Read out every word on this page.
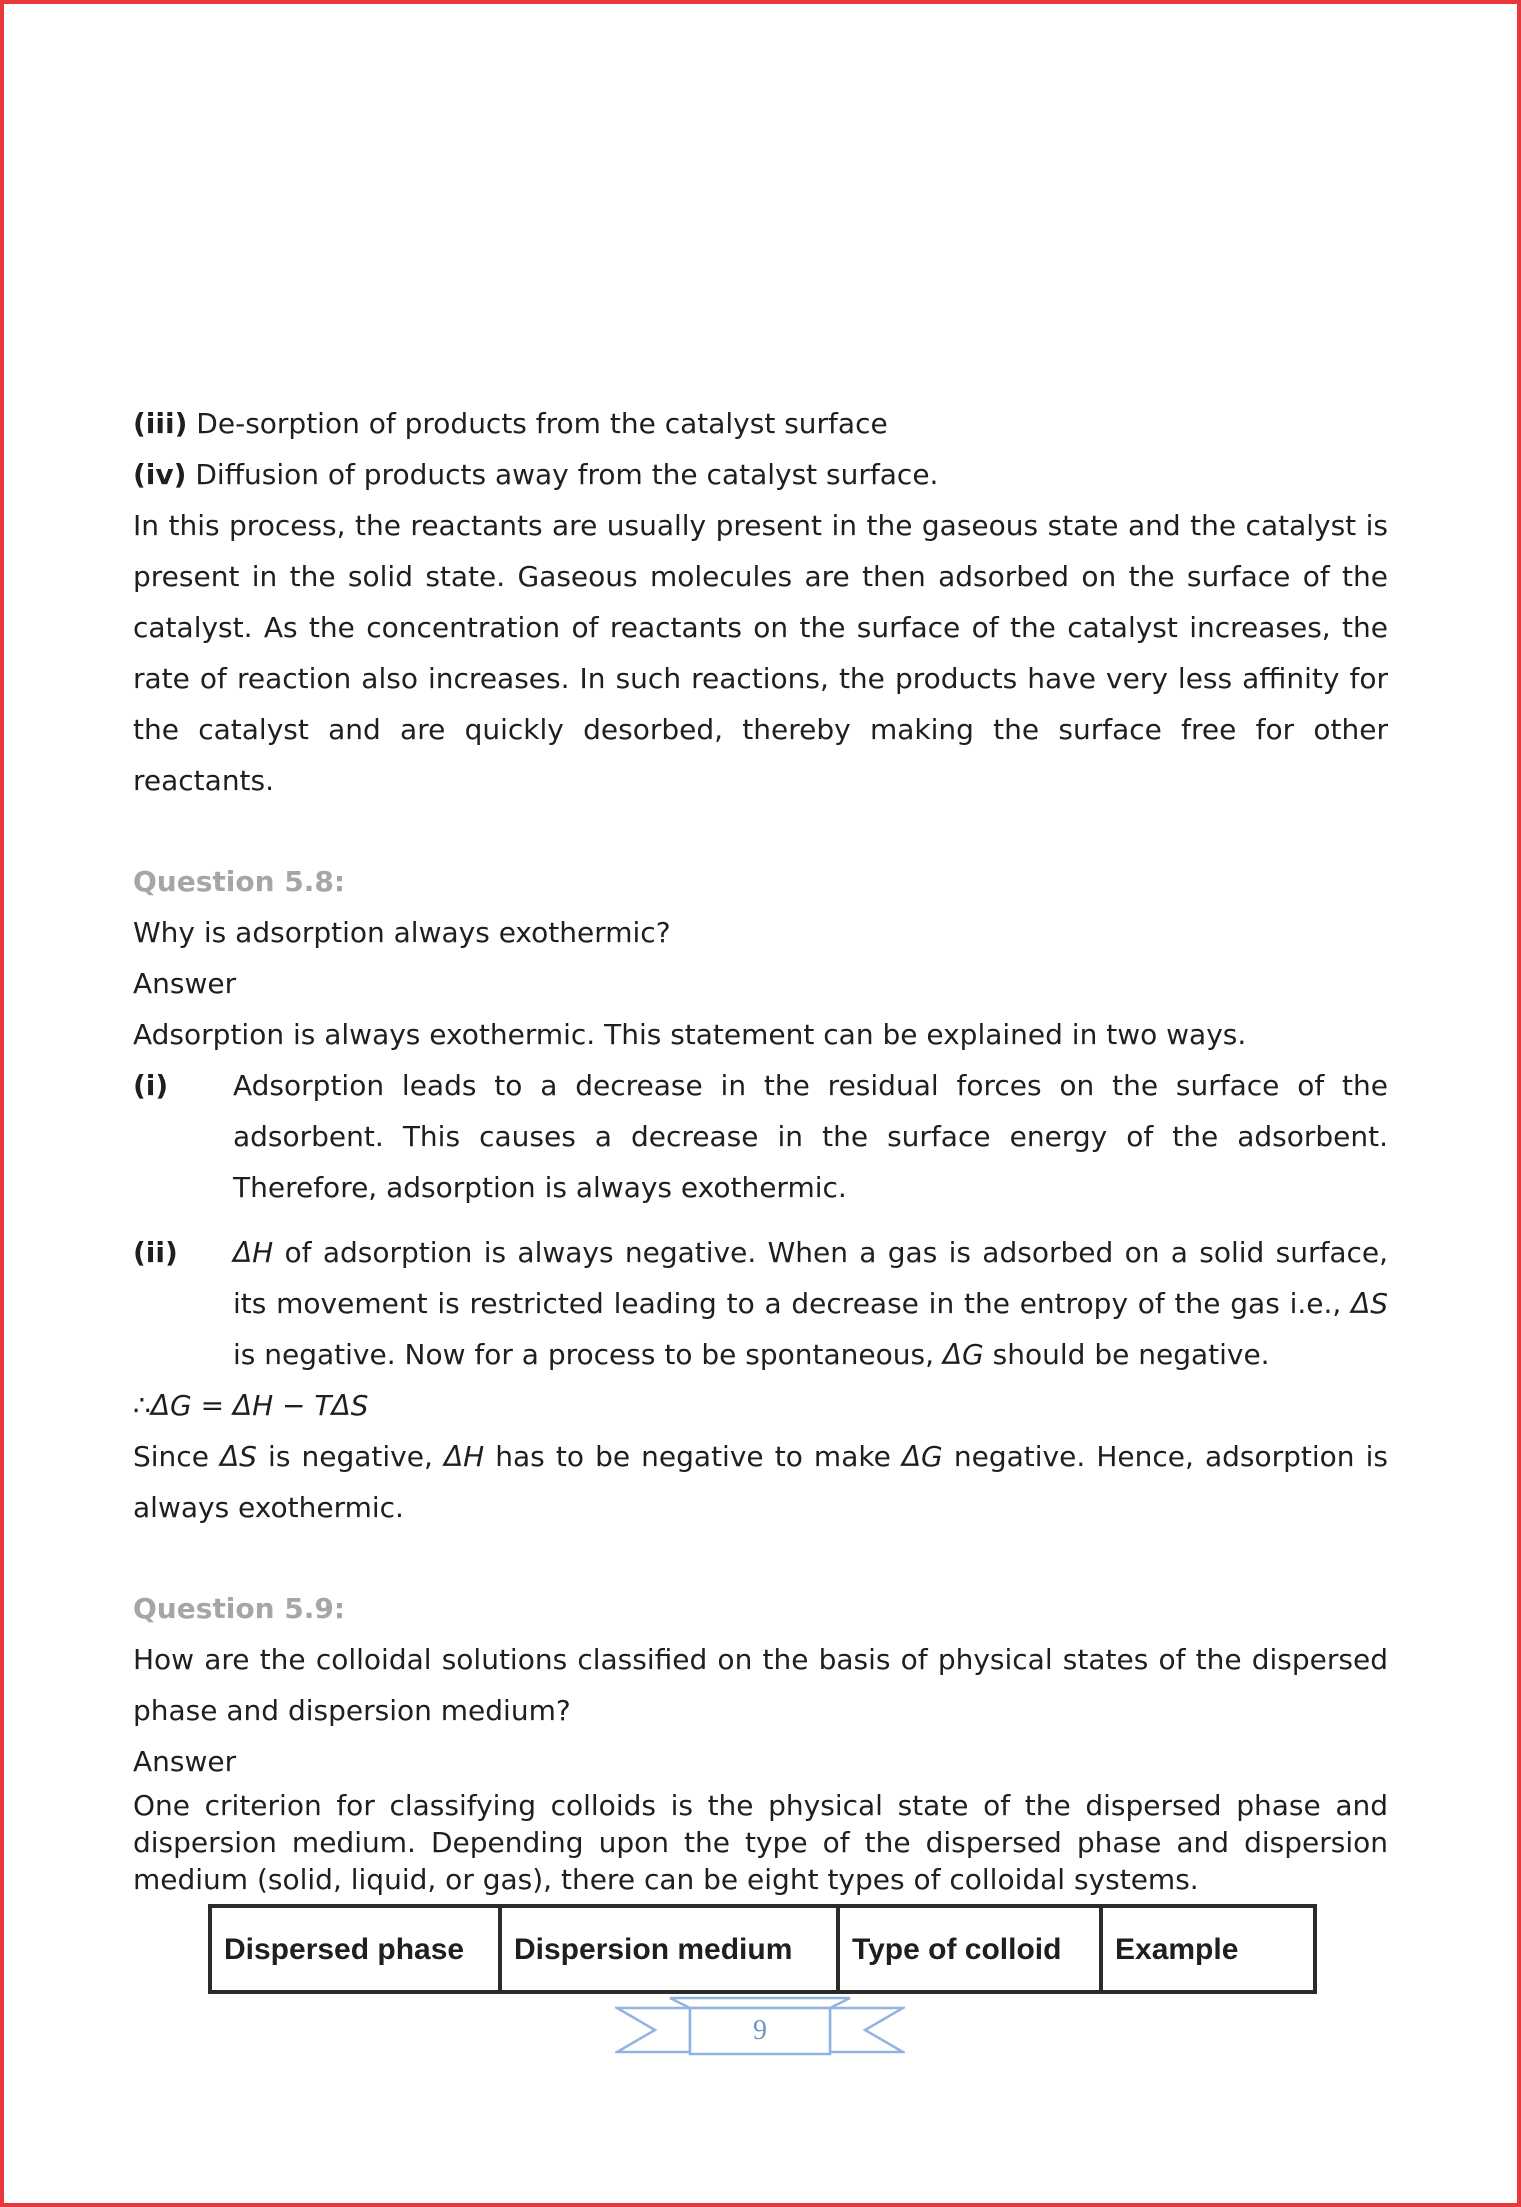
(iii) De-sorption of products from the catalyst surface

(iv) Diffusion of products away from the catalyst surface.

In this process, the reactants are usually present in the gaseous state and the catalyst is

present in the solid state. Gaseous molecules are then adsorbed on the surface of the

catalyst. As the concentration of reactants on the surface of the catalyst increases, the

rate of reaction also increases. In such reactions, the products have very less affinity for

the catalyst and are quickly desorbed, thereby making the surface free for other reactants.

Question 5.8:

Why is adsorption always exothermic?

Answer

Adsorption is always exothermic. This statement can be explained in two ways.

(i)	Adsorption leads to a decrease in the residual forces on the surface of the adsorbent. This causes a decrease in the surface energy of the adsorbent. Therefore, adsorption is always exothermic.
(ii)	ΔH of adsorption is always negative. When a gas is adsorbed on a solid surface, its movement is restricted leading to a decrease in the entropy of the gas i.e., ΔS is negative. Now for a process to be spontaneous, ΔG should be negative.

∴ΔG = ΔH − TΔS

Since ΔS is negative, ΔH has to be negative to make ΔG negative. Hence, adsorption is always exothermic.

Question 5.9:

How are the colloidal solutions classified on the basis of physical states of the dispersed phase and dispersion medium?

Answer

One criterion for classifying colloids is the physical state of the dispersed phase and dispersion medium. Depending upon the type of the dispersed phase and dispersion medium (solid, liquid, or gas), there can be eight types of colloidal systems.

Dispersed phase	Dispersion medium	Type of colloid	Example
9
